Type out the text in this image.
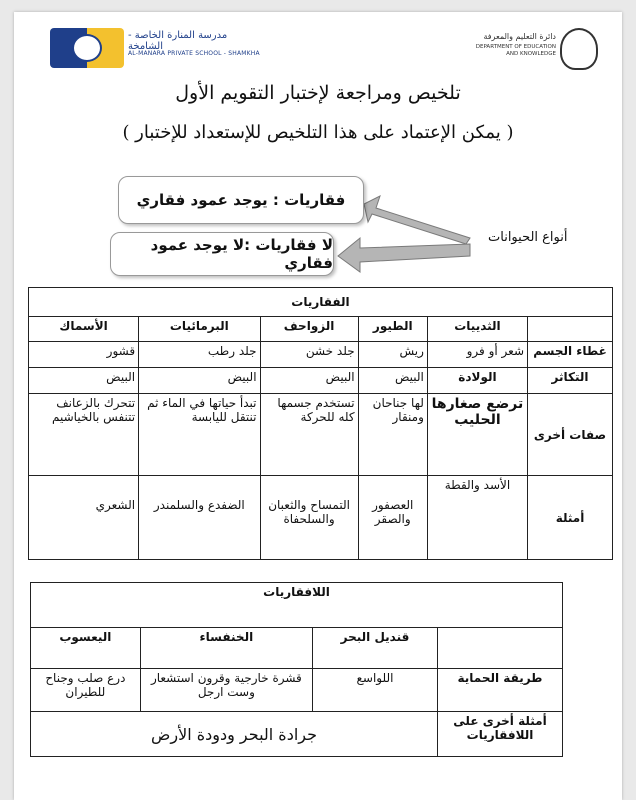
مدرسة المنارة الخاصة - الشامخة
AL-MANARA PRIVATE SCHOOL - SHAMKHA
دائرة التعليم والمعرفة
DEPARTMENT OF EDUCATION AND KNOWLEDGE
تلخيص ومراجعة لإختبار التقويم الأول
( يمكن الإعتماد على هذا التلخيص للإستعداد للإختبار )
فقاريات : يوجد عمود فقاري
لا فقاريات :لا يوجد عمود فقاري
أنواع الحيوانات
الفقاريات					
	الثدييات	الطيور	الزواحف	البرمائيات	الأسماك
غطاء الجسم	شعر أو فرو	ريش	جلد خشن	جلد رطب	قشور
التكاثر	الولادة	البيض	البيض	البيض	البيض
صفات أخرى	ترضع صغارها الحليب	لها جناحان ومنقار	تستخدم جسمها كله للحركة	تبدأ حياتها في الماء ثم تنتقل لليابسة	تتحرك بالزعانف تتنفس بالخياشيم
أمثلة	الأسد والقطة	العصفور والصقر	التمساح والثعبان والسلحفاة	الضفدع والسلمندر	الشعري
اللافقاريات			
	قنديل البحر	الخنفساء	اليعسوب
طريقة الحماية	اللواسع	قشرة خارجية وقرون استشعار وست ارجل	درع صلب وجناح للطيران
أمثلة أخرى على اللافقاريات	جرادة البحر ودودة الأرض		
